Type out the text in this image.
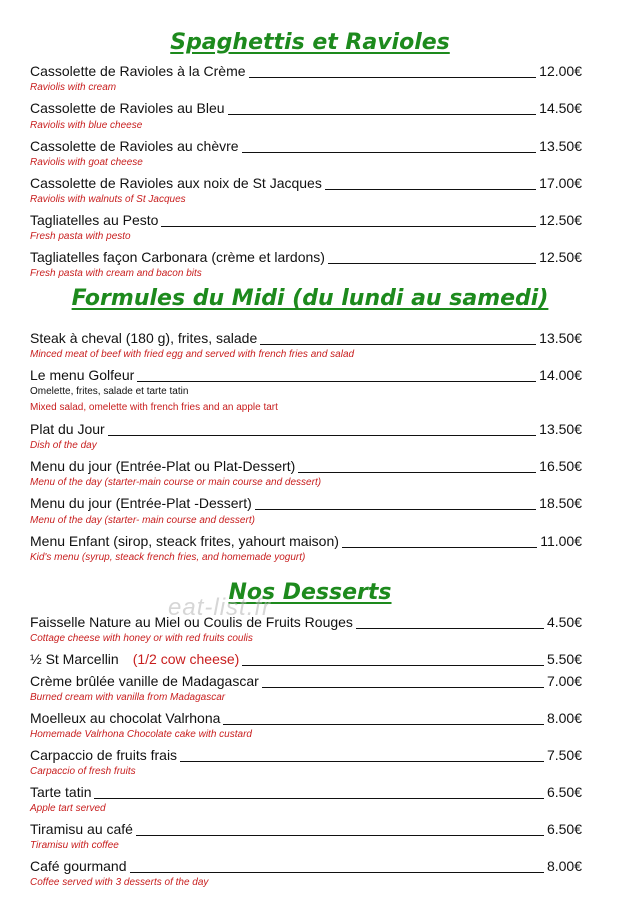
Spaghettis et Ravioles
Cassolette de Ravioles à la Crème	12.00€
Raviolis with cream
Cassolette de Ravioles au Bleu	14.50€
Raviolis with blue cheese
Cassolette de Ravioles au chèvre	13.50€
Raviolis with goat cheese
Cassolette de Ravioles aux noix de St Jacques	17.00€
Raviolis with walnuts of St Jacques
Tagliatelles au Pesto	12.50€
Fresh pasta with pesto
Tagliatelles façon Carbonara (crème et lardons)	12.50€
Fresh pasta with cream and bacon bits
Formules du Midi (du lundi au samedi)
Steak à cheval (180 g), frites, salade	13.50€
Minced meat of beef with fried egg and served with french fries and salad
Le menu Golfeur	14.00€
Omelette, frites, salade et tarte tatin
Mixed salad, omelette with french fries and an apple tart
Plat du Jour	13.50€
Dish of the day
Menu du jour (Entrée-Plat ou Plat-Dessert)	16.50€
Menu of the day (starter-main course or main course and dessert)
Menu du jour (Entrée-Plat -Dessert)	18.50€
Menu of the day (starter- main course and dessert)
Menu Enfant (sirop, steack frites, yahourt maison)	11.00€
Kid's menu (syrup, steack french fries, and homemade yogurt)
Nos Desserts
eat-list.fr
Faisselle Nature au Miel ou Coulis de Fruits Rouges	4.50€
Cottage cheese with honey or with red fruits coulis
½ St Marcellin (1/2 cow cheese)	5.50€
Crème brûlée vanille de Madagascar	7.00€
Burned cream with vanilla from Madagascar
Moelleux au chocolat Valrhona	8.00€
Homemade Valrhona Chocolate cake with custard
Carpaccio de fruits frais	7.50€
Carpaccio of fresh fruits
Tarte tatin	6.50€
Apple tart served
Tiramisu au café	6.50€
Tiramisu with coffee
Café gourmand	8.00€
Coffee served with 3 desserts of the day
